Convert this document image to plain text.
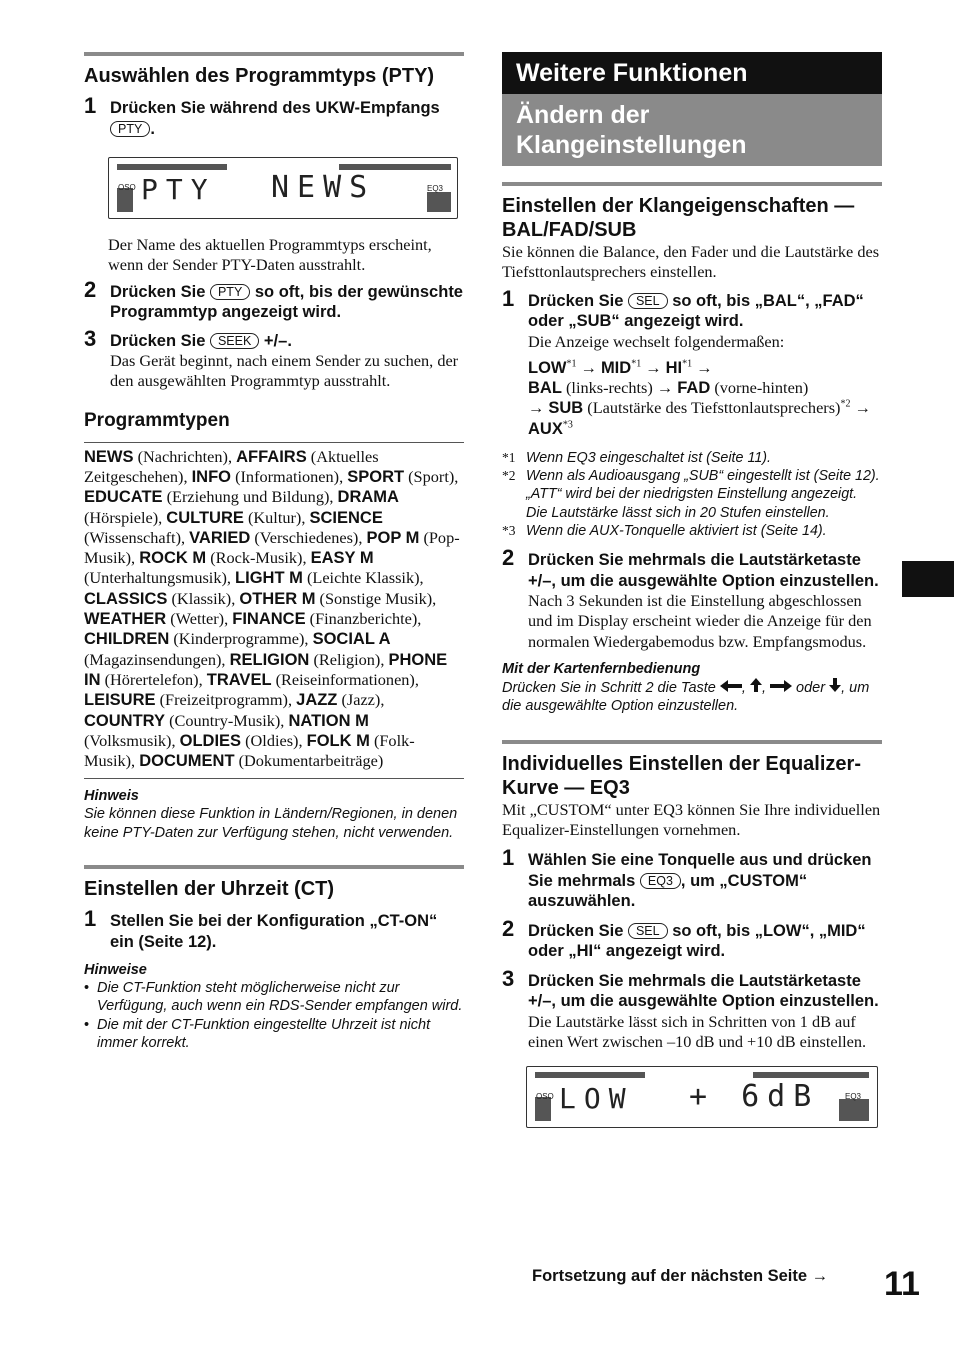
Auswählen des Programmtyps (PTY)
1 Drücken Sie während des UKW-Empfangs PTY .
OSO	EQ3
PTY NEWS
Der Name des aktuellen Programmtyps erscheint, wenn der Sender PTY-Daten ausstrahlt.
2 Drücken Sie PTY so oft, bis der gewünschte Programmtyp angezeigt wird.
3 Drücken Sie SEEK +/–.
Das Gerät beginnt, nach einem Sender zu suchen, der den ausgewählten Programmtyp ausstrahlt.
Programmtypen
NEWS (Nachrichten), AFFAIRS (Aktuelles Zeitgeschehen), INFO (Informationen), SPORT (Sport), EDUCATE (Erziehung und Bildung), DRAMA (Hörspiele), CULTURE (Kultur), SCIENCE (Wissenschaft), VARIED (Verschiedenes), POP M (Pop-Musik), ROCK M (Rock-Musik), EASY M (Unterhaltungsmusik), LIGHT M (Leichte Klassik), CLASSICS (Klassik), OTHER M (Sonstige Musik), WEATHER (Wetter), FINANCE (Finanzberichte), CHILDREN (Kinderprogramme), SOCIAL A (Magazinsendungen), RELIGION (Religion), PHONE IN (Hörertelefon), TRAVEL (Reiseinformationen), LEISURE (Freizeitprogramm), JAZZ (Jazz), COUNTRY (Country-Musik), NATION M (Volksmusik), OLDIES (Oldies), FOLK M (Folk-Musik), DOCUMENT (Dokumentarbeiträge)
Hinweis
Sie können diese Funktion in Ländern/Regionen, in denen keine PTY-Daten zur Verfügung stehen, nicht verwenden.
Einstellen der Uhrzeit (CT)
1 Stellen Sie bei der Konfiguration „CT-ON“ ein (Seite 12).
Hinweise
• Die CT-Funktion steht möglicherweise nicht zur Verfügung, auch wenn ein RDS-Sender empfangen wird.
• Die mit der CT-Funktion eingestellte Uhrzeit ist nicht immer korrekt.
Weitere Funktionen
Ändern der Klangeinstellungen
Einstellen der Klangeigenschaften — BAL/FAD/SUB
Sie können die Balance, den Fader und die Lautstärke des Tiefsttonlautsprechers einstellen.
1 Drücken Sie SEL so oft, bis „BAL“, „FAD“ oder „SUB“ angezeigt wird.
Die Anzeige wechselt folgendermaßen:
$LOW^{*1} \to MID^{*1} \to HI^{*1}$ →
BAL (links-rechts) → FAD (vorne-hinten)
→ SUB (Lautstärke des Tiefsttonlautsprechers)$^{*2}$ → $AUX^{*3}$
*1 Wenn EQ3 eingeschaltet ist (Seite 11).
*2 Wenn als Audioausgang „SUB“ eingestellt ist (Seite 12).
„ATT“ wird bei der niedrigsten Einstellung angezeigt. Die Lautstärke lässt sich in 20 Stufen einstellen.
*3 Wenn die AUX-Tonquelle aktiviert ist (Seite 14).
2 Drücken Sie mehrmals die Lautstärketaste +/–, um die ausgewählte Option einzustellen.
Nach 3 Sekunden ist die Einstellung abgeschlossen und im Display erscheint wieder die Anzeige für den normalen Wiedergabemodus bzw. Empfangsmodus.
Mit der Kartenfernbedienung
Drücken Sie in Schritt 2 die Taste , ,  oder , um die ausgewählte Option einzustellen.
Individuelles Einstellen der Equalizer-Kurve — EQ3
Mit „CUSTOM“ unter EQ3 können Sie Ihre individuellen Equalizer-Einstellungen vornehmen.
1 Wählen Sie eine Tonquelle aus und drücken Sie mehrmals EQ3 , um „CUSTOM“ auszuwählen.
2 Drücken Sie SEL so oft, bis „LOW“, „MID“ oder „HI“ angezeigt wird.
3 Drücken Sie mehrmals die Lautstärketaste +/–, um die ausgewählte Option einzustellen.
Die Lautstärke lässt sich in Schritten von 1 dB auf einen Wert zwischen –10 dB und +10 dB einstellen.
OSO	EQ3
LOW + 6dB
Fortsetzung auf der nächsten Seite →	11
